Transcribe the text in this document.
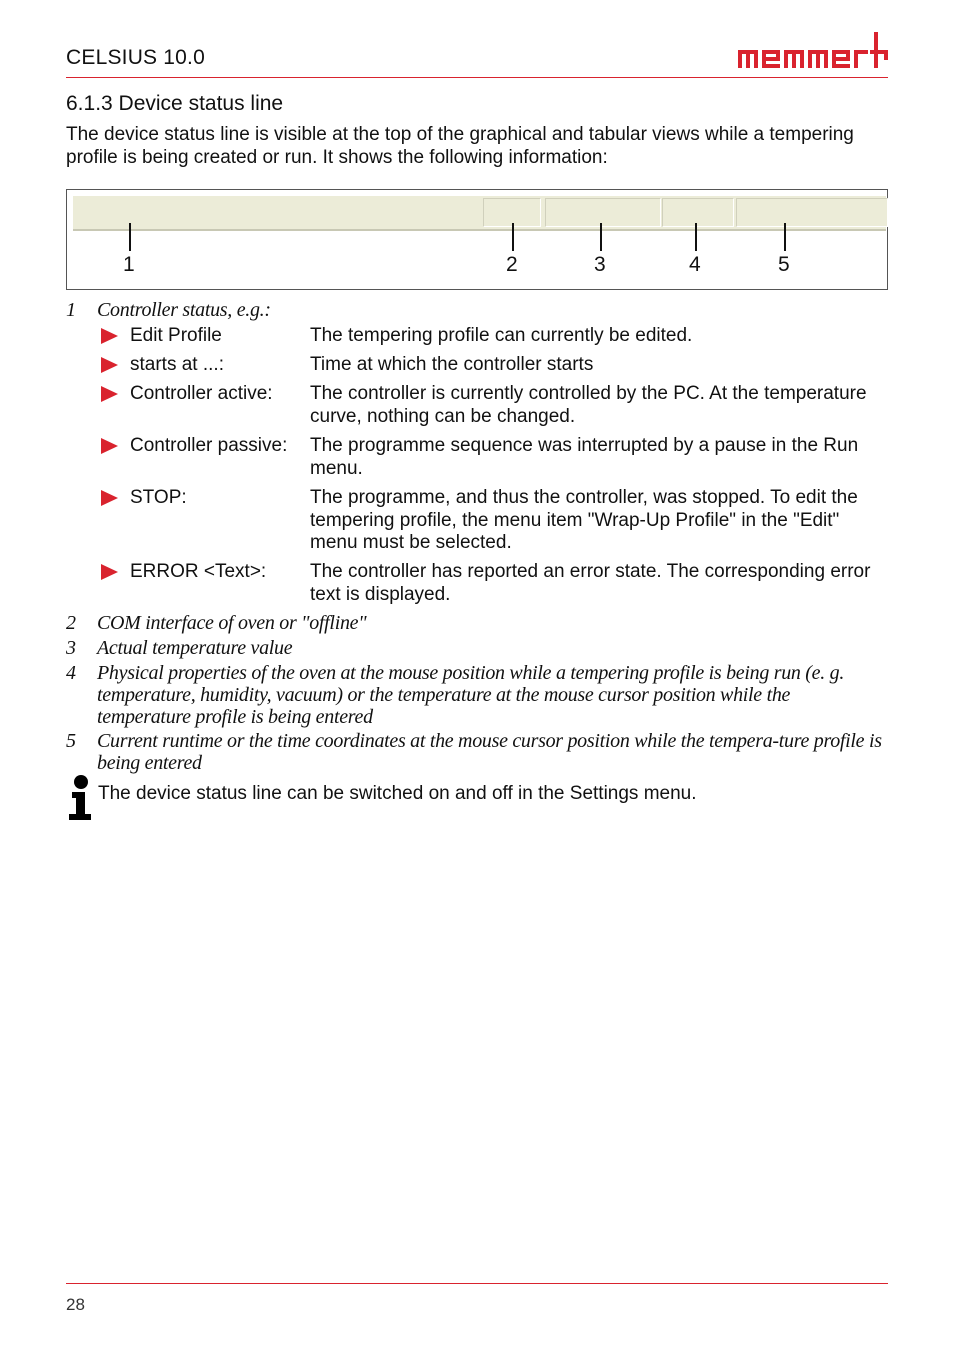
CELSIUS 10.0
6.1.3 Device status line
The device status line is visible at the top of the graphical and tabular views while a tempering profile is being created or run. It shows the following information:
1	2	3	4	5
1 Controller status, e.g.:
Edit Profile	The tempering profile can currently be edited.
starts at ...:	Time at which the controller starts
Controller active: The controller is currently controlled by the PC. At the temperature curve, nothing can be changed.
Controller passive: The programme sequence was interrupted by a pause in the Run menu.
STOP:	The programme, and thus the controller, was stopped. To edit the tempering profile, the menu item "Wrap-Up Profile" in the "Edit" menu must be selected.
ERROR <Text>: The controller has reported an error state. The corresponding error text is displayed.
2 COM interface of oven or "offline"
3 Actual temperature value
4 Physical properties of the oven at the mouse position while a tempering profile is being run (e. g. temperature, humidity, vacuum) or the temperature at the mouse cursor position while the temperature profile is being entered
5 Current runtime or the time coordinates at the mouse cursor position while the tempera-ture profile is being entered
The device status line can be switched on and off in the Settings menu.
28
